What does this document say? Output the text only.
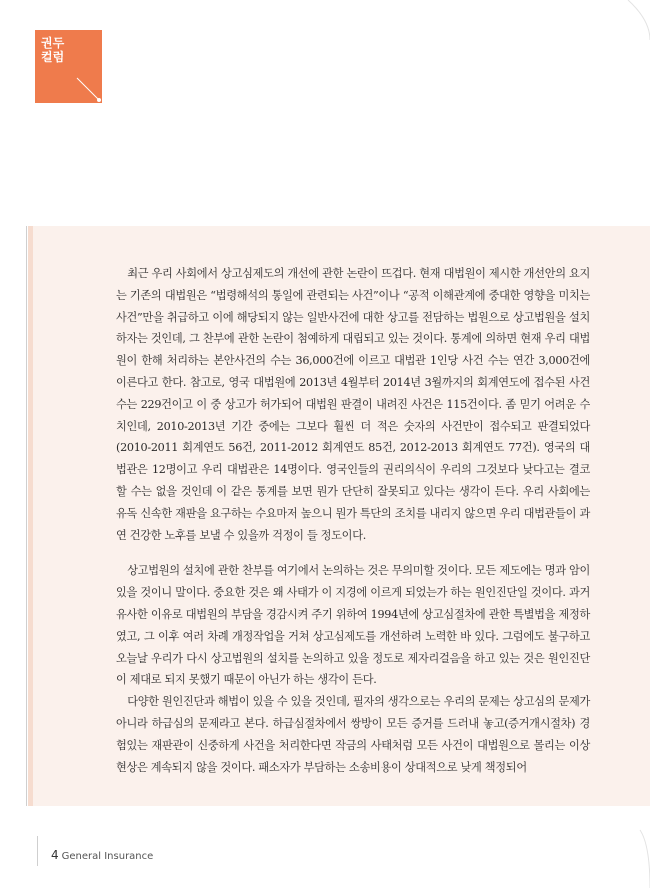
권두
컬럼

최근 우리 사회에서 상고심제도의 개선에 관한 논란이 뜨겁다. 현재 대법원이 제시한 개선안의 요지는 기존의 대법원은 “법령해석의 통일에 관련되는 사건”이나 “공적 이해관계에 중대한 영향을 미치는 사건”만을 취급하고 이에 해당되지 않는 일반사건에 대한 상고를 전담하는 법원으로 상고법원을 설치하자는 것인데, 그 찬부에 관한 논란이 첨예하게 대립되고 있는 것이다. 통계에 의하면 현재 우리 대법원이 한해 처리하는 본안사건의 수는 36,000건에 이르고 대법관 1인당 사건 수는 연간 3,000건에 이른다고 한다. 참고로, 영국 대법원에 2013년 4월부터 2014년 3월까지의 회계연도에 접수된 사건 수는 229건이고 이 중 상고가 허가되어 대법원 판결이 내려진 사건은 115건이다. 좀 믿기 어려운 수치인데, 2010-2013년 기간 중에는 그보다 훨씬 더 적은 숫자의 사건만이 접수되고 판결되었다(2010-2011 회계연도 56건, 2011-2012 회계연도 85건, 2012-2013 회계연도 77건). 영국의 대법관은 12명이고 우리 대법관은 14명이다. 영국인들의 권리의식이 우리의 그것보다 낮다고는 결코 할 수는 없을 것인데 이 같은 통계를 보면 뭔가 단단히 잘못되고 있다는 생각이 든다. 우리 사회에는 유독 신속한 재판을 요구하는 수요마저 높으니 뭔가 특단의 조치를 내리지 않으면 우리 대법관들이 과연 건강한 노후를 보낼 수 있을까 걱정이 들 정도이다.

상고법원의 설치에 관한 찬부를 여기에서 논의하는 것은 무의미할 것이다. 모든 제도에는 명과 암이 있을 것이니 말이다. 중요한 것은 왜 사태가 이 지경에 이르게 되었는가 하는 원인진단일 것이다. 과거 유사한 이유로 대법원의 부담을 경감시켜 주기 위하여 1994년에 상고심절차에 관한 특별법을 제정하였고, 그 이후 여러 차례 개정작업을 거쳐 상고심제도를 개선하려 노력한 바 있다. 그럼에도 불구하고 오늘날 우리가 다시 상고법원의 설치를 논의하고 있을 정도로 제자리걸음을 하고 있는 것은 원인진단이 제대로 되지 못했기 때문이 아닌가 하는 생각이 든다.

다양한 원인진단과 해법이 있을 수 있을 것인데, 필자의 생각으로는 우리의 문제는 상고심의 문제가 아니라 하급심의 문제라고 본다. 하급심절차에서 쌍방이 모든 증거를 드러내 놓고(증거개시절차) 경험있는 재판관이 신중하게 사건을 처리한다면 작금의 사태처럼 모든 사건이 대법원으로 몰리는 이상현상은 계속되지 않을 것이다. 패소자가 부담하는 소송비용이 상대적으로 낮게 책정되어

4 General Insurance
